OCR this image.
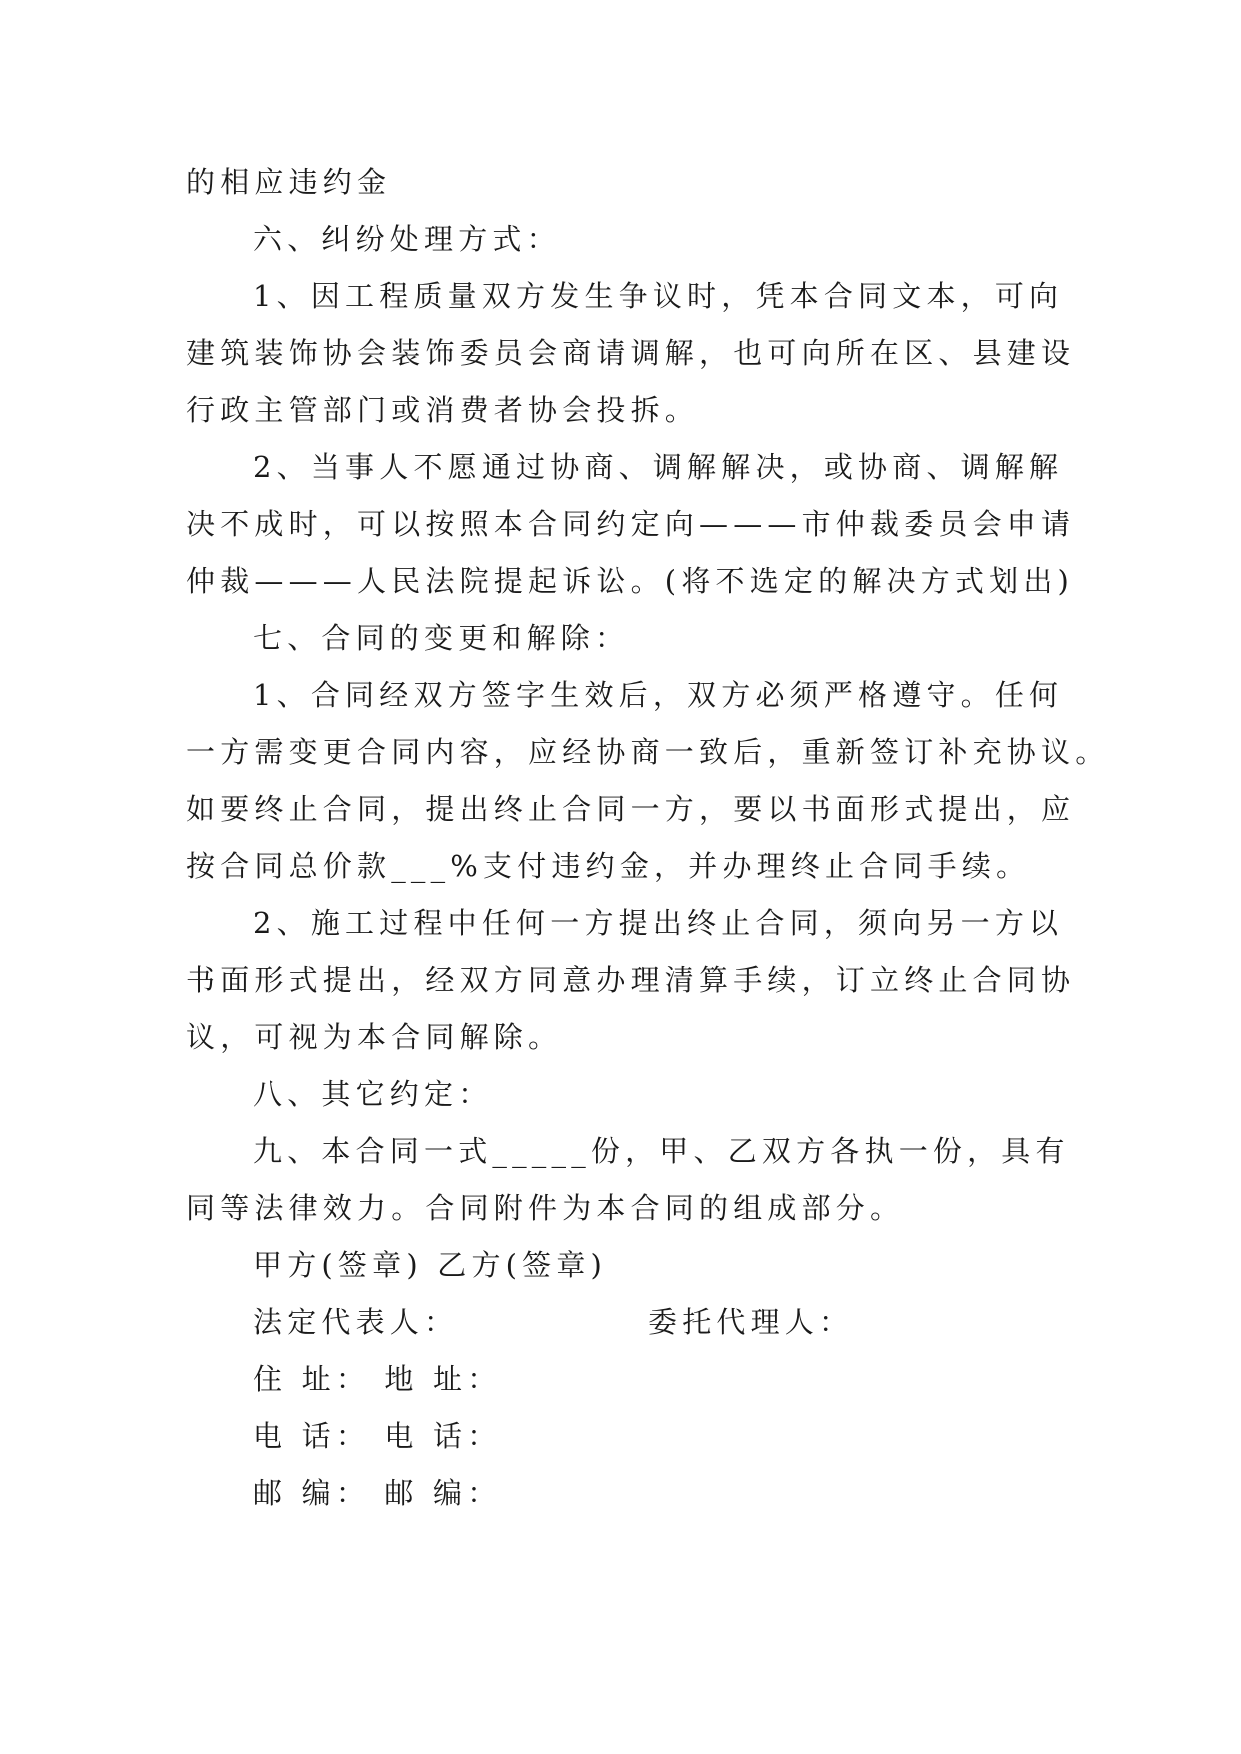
的相应违约金
六、纠纷处理方式：
1、因工程质量双方发生争议时，凭本合同文本，可向
建筑装饰协会装饰委员会商请调解，也可向所在区、县建设
行政主管部门或消费者协会投拆。
2、当事人不愿通过协商、调解解决，或协商、调解解
决不成时，可以按照本合同约定向———市仲裁委员会申请
仲裁———人民法院提起诉讼。(将不选定的解决方式划出)
七、合同的变更和解除：
1、合同经双方签字生效后，双方必须严格遵守。任何
一方需变更合同内容，应经协商一致后，重新签订补充协议。
如要终止合同，提出终止合同一方，要以书面形式提出，应
按合同总价款___%支付违约金，并办理终止合同手续。
2、施工过程中任何一方提出终止合同，须向另一方以
书面形式提出，经双方同意办理清算手续，订立终止合同协
议，可视为本合同解除。
八、其它约定：
九、本合同一式_____份，甲、乙双方各执一份，具有
同等法律效力。合同附件为本合同的组成部分。
甲方(签章) 乙方(签章)
法定代表人：	委托代理人：
住 址： 地 址：
电 话： 电 话：
邮 编： 邮 编：
